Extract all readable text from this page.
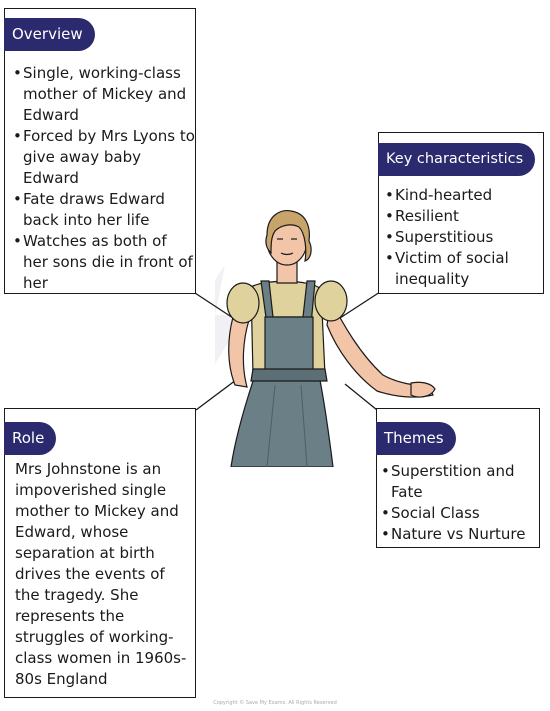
• Single, working-class mother of Mickey and Edward
• Forced by Mrs Lyons to give away baby Edward
• Fate draws Edward back into her life
• Watches as both of her sons die in front of her
Overview
• Kind-hearted
• Resilient
• Superstitious
• Victim of social inequality
Key characteristics

Mrs Johnstone is an impoverished single mother to Mickey and Edward, whose separation at birth drives the events of the tragedy. She represents the struggles of working-class women in 1960s-80s England

Role
• Superstition and Fate
• Social Class
• Nature vs Nurture
Themes
Copyright © Save My Exams. All Rights Reserved
